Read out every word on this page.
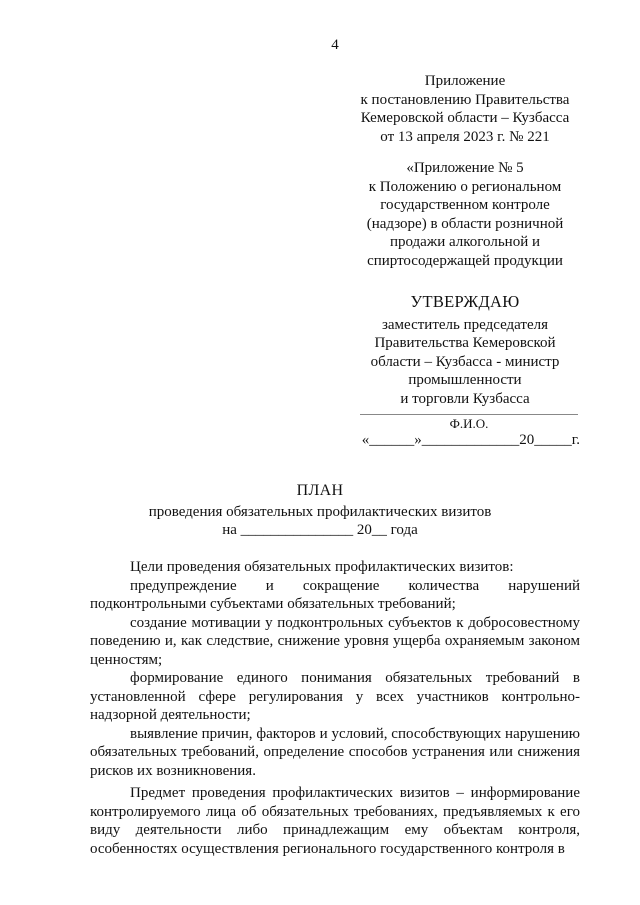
4
Приложение
к постановлению Правительства
Кемеровской области – Кузбасса
от 13 апреля 2023 г. № 221
«Приложение № 5
к Положению о региональном
государственном контроле
(надзоре) в области розничной
продажи алкогольной и
спиртосодержащей продукции
УТВЕРЖДАЮ
заместитель председателя
Правительства Кемеровской
области – Кузбасса - министр
промышленности
и торговли Кузбасса
Ф.И.О.
«______»_____________20_____г.
ПЛАН
проведения обязательных профилактических визитов
на _______________ 20__ года

Цели проведения обязательных профилактических визитов:

предупреждение и сокращение количества нарушений подконтрольными субъектами обязательных требований;

создание мотивации у подконтрольных субъектов к добросовестному поведению и, как следствие, снижение уровня ущерба охраняемым законом ценностям;

формирование единого понимания обязательных требований в установленной сфере регулирования у всех участников контрольно-надзорной деятельности;

выявление причин, факторов и условий, способствующих нарушению обязательных требований, определение способов устранения или снижения рисков их возникновения.

Предмет проведения профилактических визитов – информирование контролируемого лица об обязательных требованиях, предъявляемых к его виду деятельности либо принадлежащим ему объектам контроля, особенностях осуществления регионального государственного контроля в
